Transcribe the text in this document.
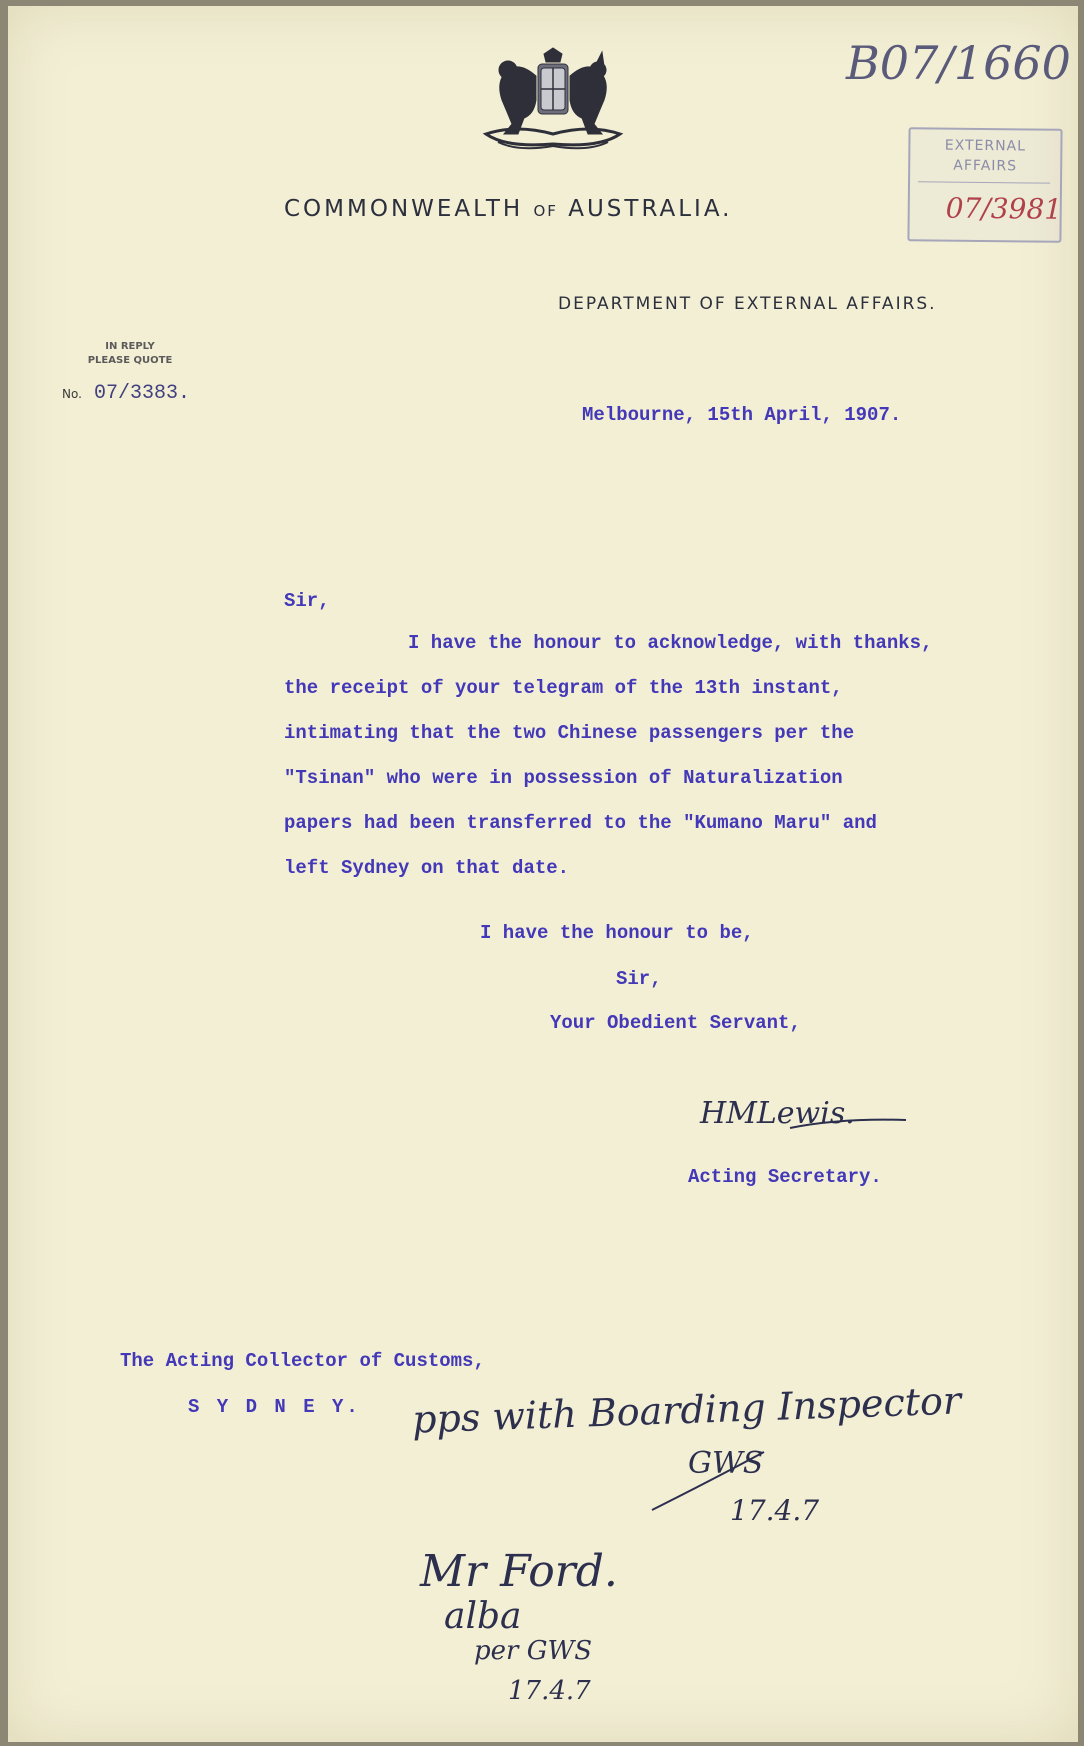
COMMONWEALTH OF AUSTRALIA.
DEPARTMENT OF EXTERNAL AFFAIRS.
IN REPLY
PLEASE QUOTE
No. 07/3383.
B07/1660
EXTERNAL
AFFAIRS
07/3981
Melbourne, 15th April, 1907.
Sir,
I have the honour to acknowledge, with thanks,
the receipt of your telegram of the 13th instant,
intimating that the two Chinese passengers per the
"Tsinan" who were in possession of Naturalization
papers had been transferred to the "Kumano Maru" and
left Sydney on that date.
I have the honour to be,
Sir,
Your Obedient Servant,
HMLewis.
Acting Secretary.
The Acting Collector of Customs,
S Y D N E Y. pps with Boarding Inspector
GWS
17.4.7
Mr Ford.
alba
per GWS
17.4.7
